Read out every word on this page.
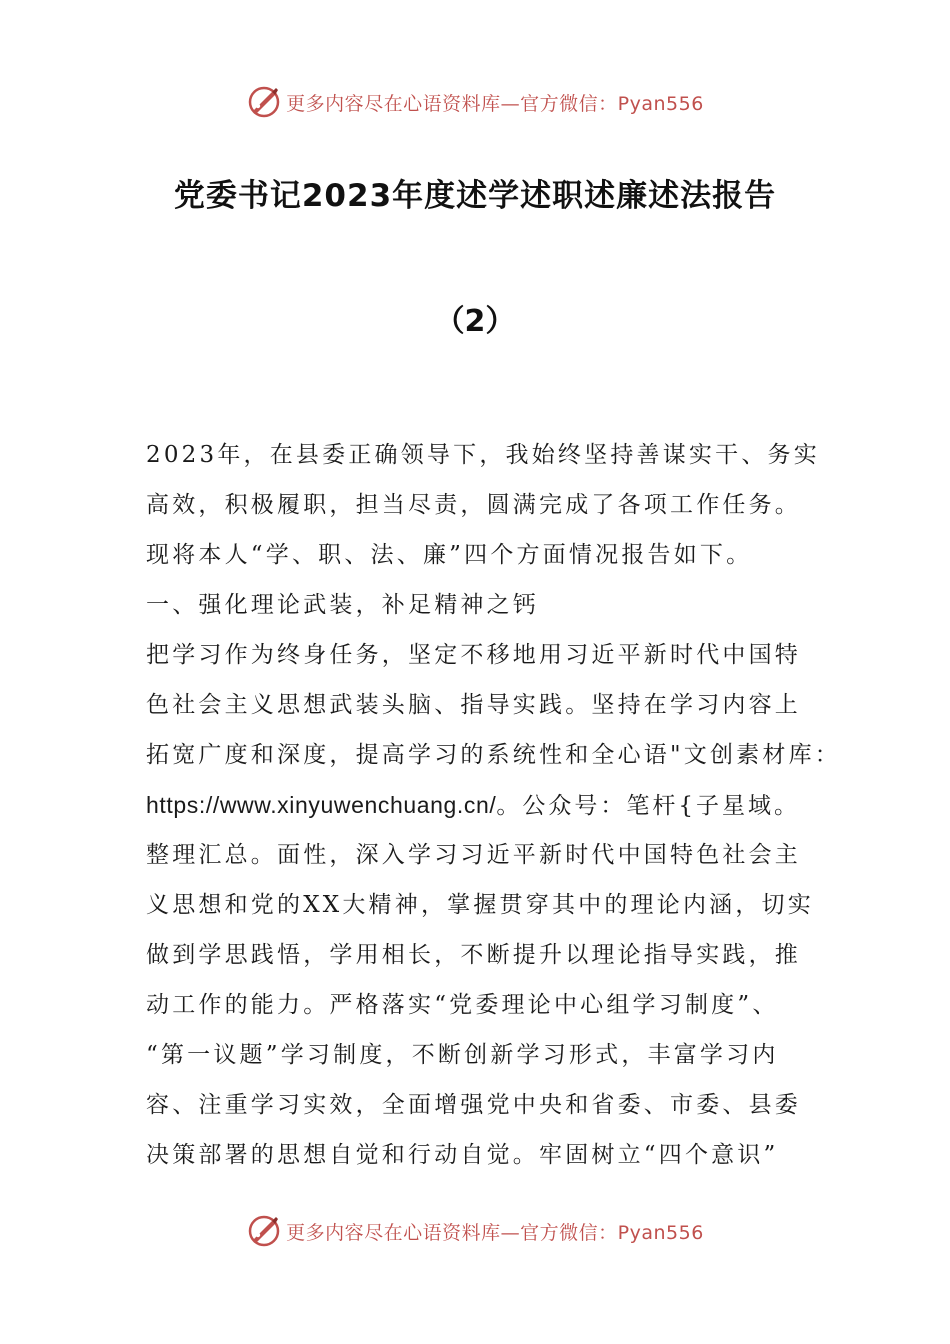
更多内容尽在心语资料库—官方微信：Pyan556
党委书记2023年度述学述职述廉述法报告
（2）
2023年，在县委正确领导下，我始终坚持善谋实干、务实
高效，积极履职，担当尽责，圆满完成了各项工作任务。
现将本人“学、职、法、廉”四个方面情况报告如下。
一、强化理论武装，补足精神之钙
把学习作为终身任务，坚定不移地用习近平新时代中国特
色社会主义思想武装头脑、指导实践。坚持在学习内容上
拓宽广度和深度，提高学习的系统性和全心语"文创素材库：
https://www.xinyuwenchuang.cn/。公众号：笔杆{子星域。
整理汇总。面性，深入学习习近平新时代中国特色社会主
义思想和党的XX大精神，掌握贯穿其中的理论内涵，切实
做到学思践悟，学用相长，不断提升以理论指导实践，推
动工作的能力。严格落实“党委理论中心组学习制度”、
“第一议题”学习制度，不断创新学习形式，丰富学习内
容、注重学习实效，全面增强党中央和省委、市委、县委
决策部署的思想自觉和行动自觉。牢固树立“四个意识”
更多内容尽在心语资料库—官方微信：Pyan556
